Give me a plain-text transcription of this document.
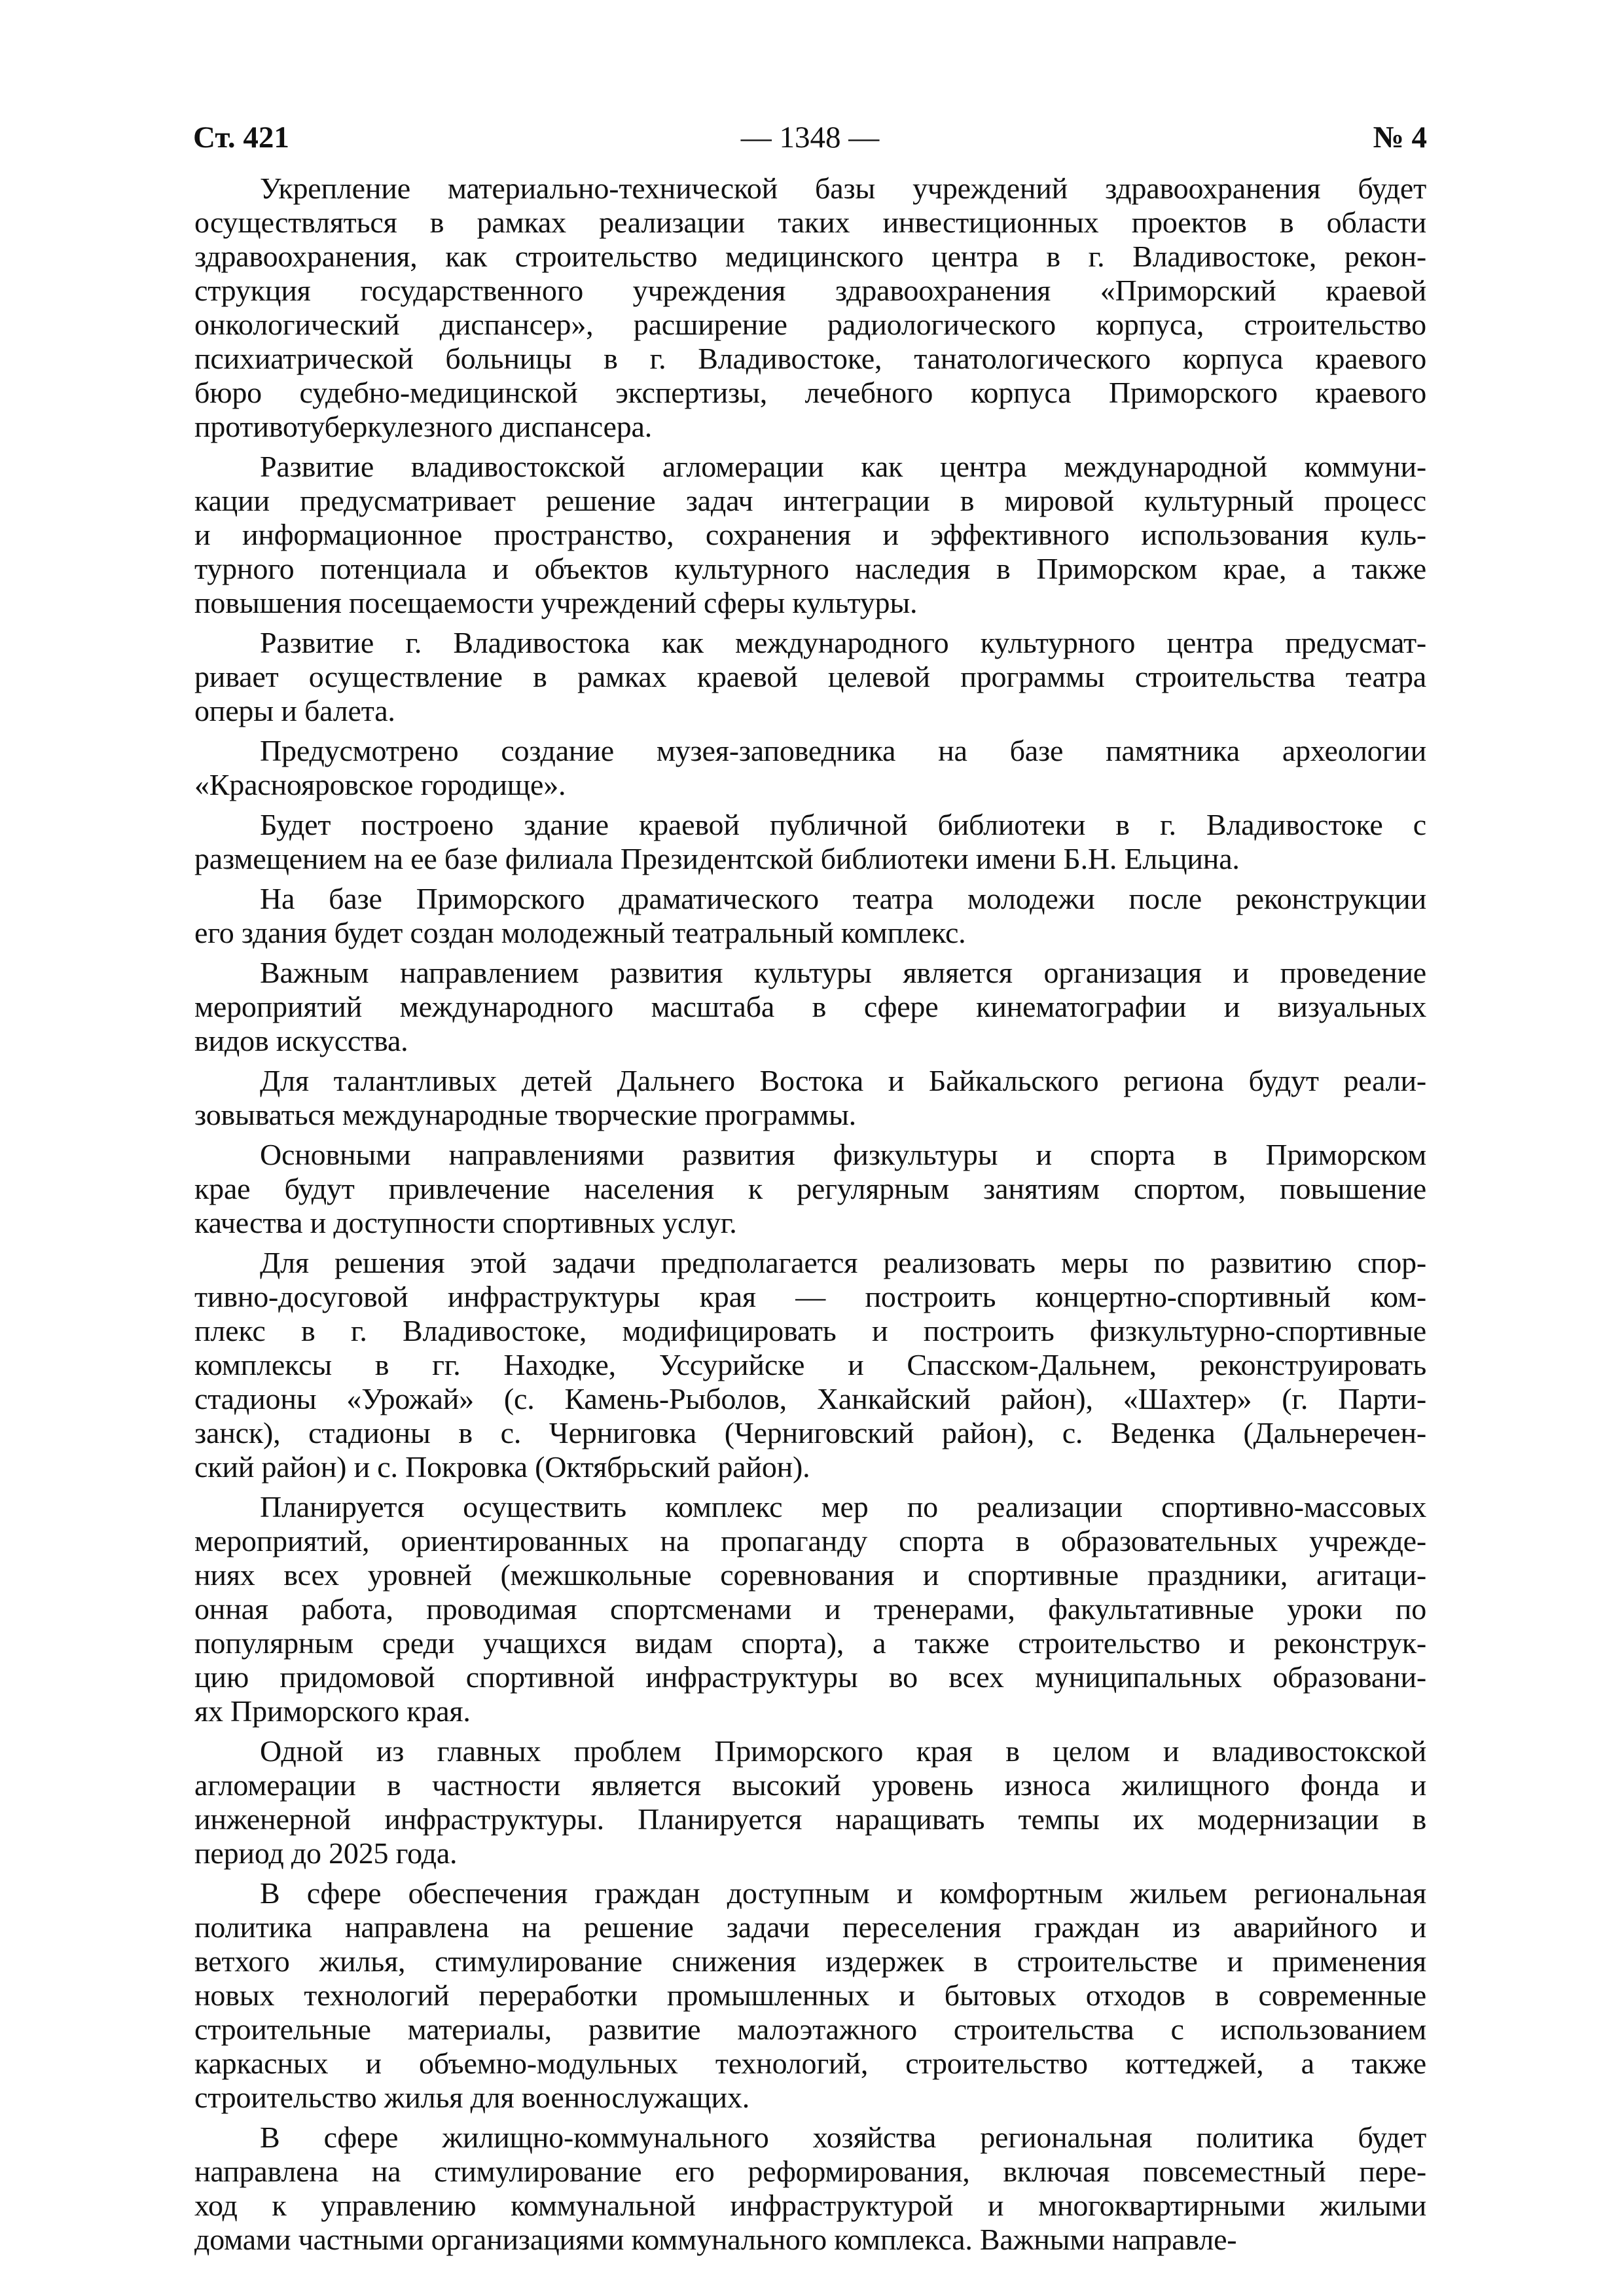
Ст. 421	— 1348 —	№ 4
Укрепление материально-технической базы учреждений здравоохранения будет
осуществляться в рамках реализации таких инвестиционных проектов в области
здравоохранения, как строительство медицинского центра в г. Владивостоке, рекон-
струкция государственного учреждения здравоохранения «Приморский краевой
онкологический диспансер», расширение радиологического корпуса, строительство
психиатрической больницы в г. Владивостоке, танатологического корпуса краевого
бюро судебно-медицинской экспертизы, лечебного корпуса Приморского краевого
противотуберкулезного диспансера.
Развитие владивостокской агломерации как центра международной коммуни-
кации предусматривает решение задач интеграции в мировой культурный процесс
и информационное пространство, сохранения и эффективного использования куль-
турного потенциала и объектов культурного наследия в Приморском крае, а также
повышения посещаемости учреждений сферы культуры.
Развитие г. Владивостока как международного культурного центра предусмат-
ривает осуществление в рамках краевой целевой программы строительства театра
оперы и балета.
Предусмотрено создание музея-заповедника на базе памятника археологии
«Краснояровское городище».
Будет построено здание краевой публичной библиотеки в г. Владивостоке с
размещением на ее базе филиала Президентской библиотеки имени Б.Н. Ельцина.
На базе Приморского драматического театра молодежи после реконструкции
его здания будет создан молодежный театральный комплекс.
Важным направлением развития культуры является организация и проведение
мероприятий международного масштаба в сфере кинематографии и визуальных
видов искусства.
Для талантливых детей Дальнего Востока и Байкальского региона будут реали-
зовываться международные творческие программы.
Основными направлениями развития физкультуры и спорта в Приморском
крае будут привлечение населения к регулярным занятиям спортом, повышение
качества и доступности спортивных услуг.
Для решения этой задачи предполагается реализовать меры по развитию спор-
тивно-досуговой инфраструктуры края — построить концертно-спортивный ком-
плекс в г. Владивостоке, модифицировать и построить физкультурно-спортивные
комплексы в гг. Находке, Уссурийске и Спасском-Дальнем, реконструировать
стадионы «Урожай» (с. Камень-Рыболов, Ханкайский район), «Шахтер» (г. Парти-
занск), стадионы в с. Черниговка (Черниговский район), с. Веденка (Дальнеречен-
ский район) и с. Покровка (Октябрьский район).
Планируется осуществить комплекс мер по реализации спортивно-массовых
мероприятий, ориентированных на пропаганду спорта в образовательных учрежде-
ниях всех уровней (межшкольные соревнования и спортивные праздники, агитаци-
онная работа, проводимая спортсменами и тренерами, факультативные уроки по
популярным среди учащихся видам спорта), а также строительство и реконструк-
цию придомовой спортивной инфраструктуры во всех муниципальных образовани-
ях Приморского края.
Одной из главных проблем Приморского края в целом и владивостокской
агломерации в частности является высокий уровень износа жилищного фонда и
инженерной инфраструктуры. Планируется наращивать темпы их модернизации в
период до 2025 года.
В сфере обеспечения граждан доступным и комфортным жильем региональная
политика направлена на решение задачи переселения граждан из аварийного и
ветхого жилья, стимулирование снижения издержек в строительстве и применения
новых технологий переработки промышленных и бытовых отходов в современные
строительные материалы, развитие малоэтажного строительства с использованием
каркасных и объемно-модульных технологий, строительство коттеджей, а также
строительство жилья для военнослужащих.
В сфере жилищно-коммунального хозяйства региональная политика будет
направлена на стимулирование его реформирования, включая повсеместный пере-
ход к управлению коммунальной инфраструктурой и многоквартирными жилыми
домами частными организациями коммунального комплекса. Важными направле-
